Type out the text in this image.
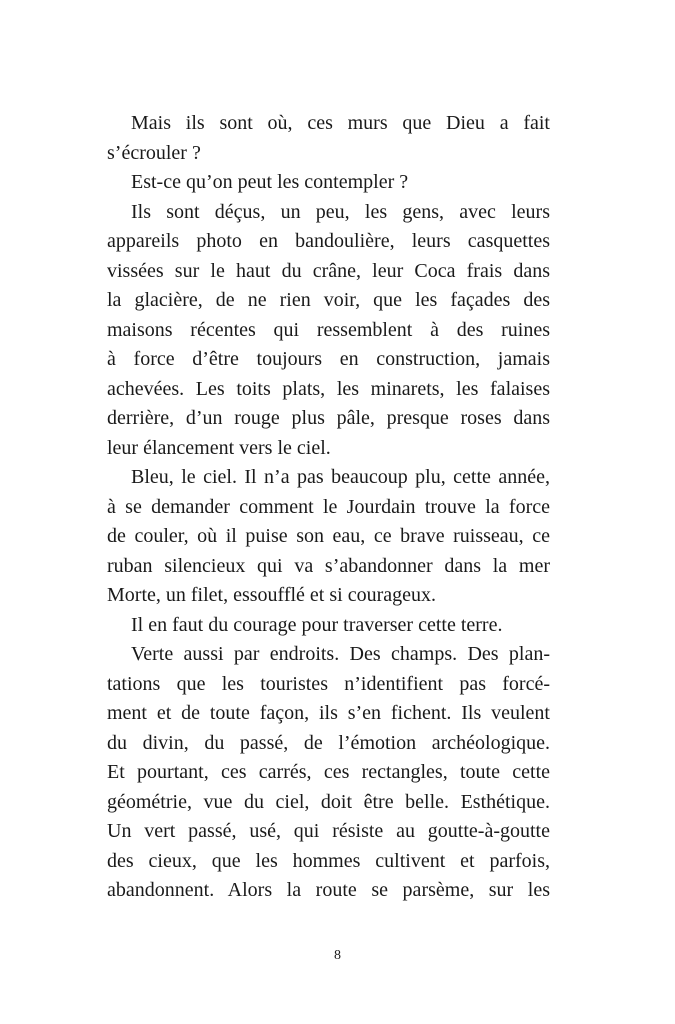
Mais ils sont où, ces murs que Dieu a fait
s’écrouler ?
Est-ce qu’on peut les contempler ?
Ils sont déçus, un peu, les gens, avec leurs
appareils photo en bandoulière, leurs casquettes
vissées sur le haut du crâne, leur Coca frais dans
la glacière, de ne rien voir, que les façades des
maisons récentes qui ressemblent à des ruines
à force d’être toujours en construction, jamais
achevées. Les toits plats, les minarets, les falaises
derrière, d’un rouge plus pâle, presque roses dans
leur élancement vers le ciel.
Bleu, le ciel. Il n’a pas beaucoup plu, cette année,
à se demander comment le Jourdain trouve la force
de couler, où il puise son eau, ce brave ruisseau, ce
ruban silencieux qui va s’abandonner dans la mer
Morte, un filet, essoufflé et si courageux.
Il en faut du courage pour traverser cette terre.
Verte aussi par endroits. Des champs. Des plan-
tations que les touristes n’identifient pas forcé-
ment et de toute façon, ils s’en fichent. Ils veulent
du divin, du passé, de l’émotion archéologique.
Et pourtant, ces carrés, ces rectangles, toute cette
géométrie, vue du ciel, doit être belle. Esthétique.
Un vert passé, usé, qui résiste au goutte-à-goutte
des cieux, que les hommes cultivent et parfois,
abandonnent. Alors la route se parsème, sur les
8
